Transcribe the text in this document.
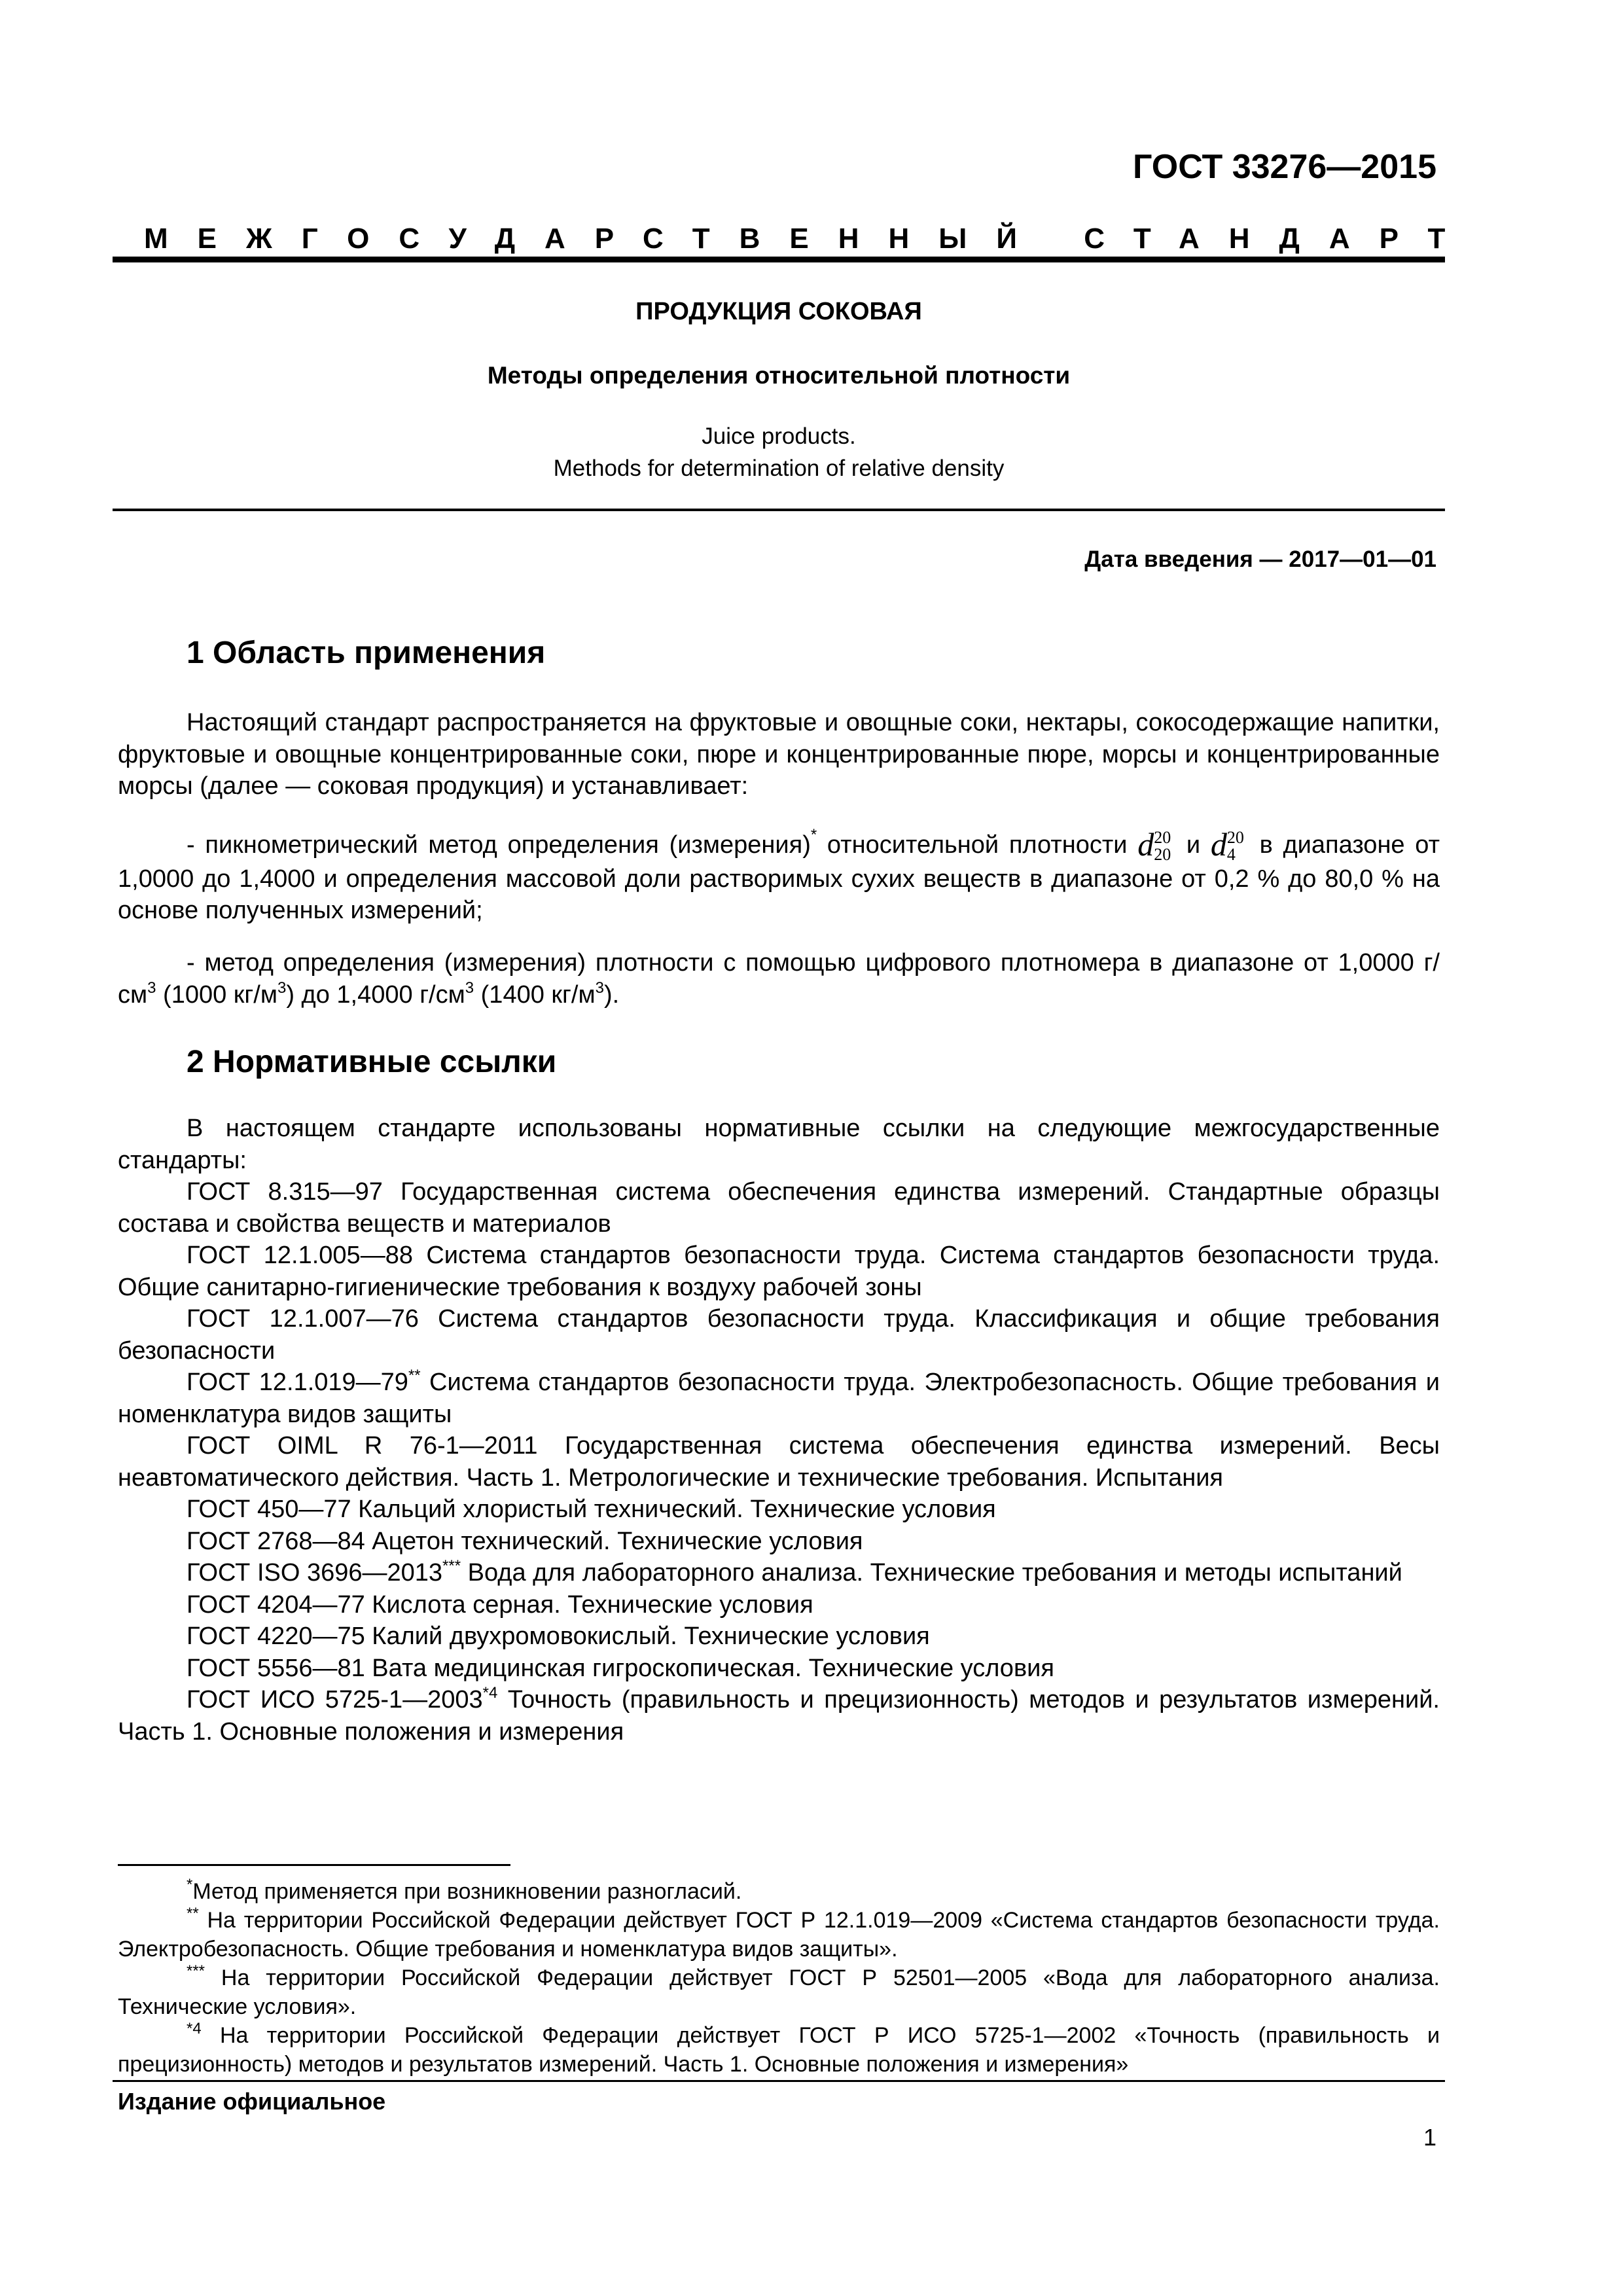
ГОСТ 33276—2015
МЕЖГОСУДАРСТВЕННЫЙ СТАНДАРТ
ПРОДУКЦИЯ СОКОВАЯ
Методы определения относительной плотности
Juice products.
Methods for determination of relative density
Дата введения — 2017—01—01
1 Область применения
Настоящий стандарт распространяется на фруктовые и овощные соки, нектары, сокосодержащие напитки, фруктовые и овощные концентрированные соки, пюре и концентрированные пюре, морсы и концентрированные морсы (далее — соковая продукция) и устанавливает:
- пикнометрический метод определения (измерения)* относительной плотности d20
20 и d20
4 в диапазоне от 1,0000 до 1,4000 и определения массовой доли растворимых сухих веществ в диапазоне от 0,2 % до 80,0 % на основе полученных измерений;
- метод определения (измерения) плотности с помощью цифрового плотномера в диапазоне от 1,0000 $г/см^3$ (1000 $кг/м^3$) до 1,4000 $г/см^3$ (1400 $кг/м^3$).
2 Нормативные ссылки
В настоящем стандарте использованы нормативные ссылки на следующие межгосударственные стандарты:
ГОСТ 8.315—97 Государственная система обеспечения единства измерений. Стандартные образцы состава и свойства веществ и материалов
ГОСТ 12.1.005—88 Система стандартов безопасности труда. Система стандартов безопасности труда. Общие санитарно-гигиенические требования к воздуху рабочей зоны
ГОСТ 12.1.007—76 Система стандартов безопасности труда. Классификация и общие требования безопасности
ГОСТ 12.1.019—79** Система стандартов безопасности труда. Электробезопасность. Общие требования и номенклатура видов защиты
ГОСТ OIML R 76-1—2011 Государственная система обеспечения единства измерений. Весы неавтоматического действия. Часть 1. Метрологические и технические требования. Испытания
ГОСТ 450—77 Кальций хлористый технический. Технические условия
ГОСТ 2768—84 Ацетон технический. Технические условия
ГОСТ ISO 3696—2013*** Вода для лабораторного анализа. Технические требования и методы испытаний
ГОСТ 4204—77 Кислота серная. Технические условия
ГОСТ 4220—75 Калий двухромовокислый. Технические условия
ГОСТ 5556—81 Вата медицинская гигроскопическая. Технические условия
ГОСТ ИСО 5725-1—2003$^{*4}$ Точность (правильность и прецизионность) методов и результатов измерений. Часть 1. Основные положения и измерения
*Метод применяется при возникновении разногласий.
** На территории Российской Федерации действует ГОСТ Р 12.1.019—2009 «Система стандартов безопасности труда. Электробезопасность. Общие требования и номенклатура видов защиты».
*** На территории Российской Федерации действует ГОСТ Р 52501—2005 «Вода для лабораторного анализа. Технические условия».
$^{*4}$ На территории Российской Федерации действует ГОСТ Р ИСО 5725-1—2002 «Точность (правильность и прецизионность) методов и результатов измерений. Часть 1. Основные положения и измерения»
Издание официальное
1
